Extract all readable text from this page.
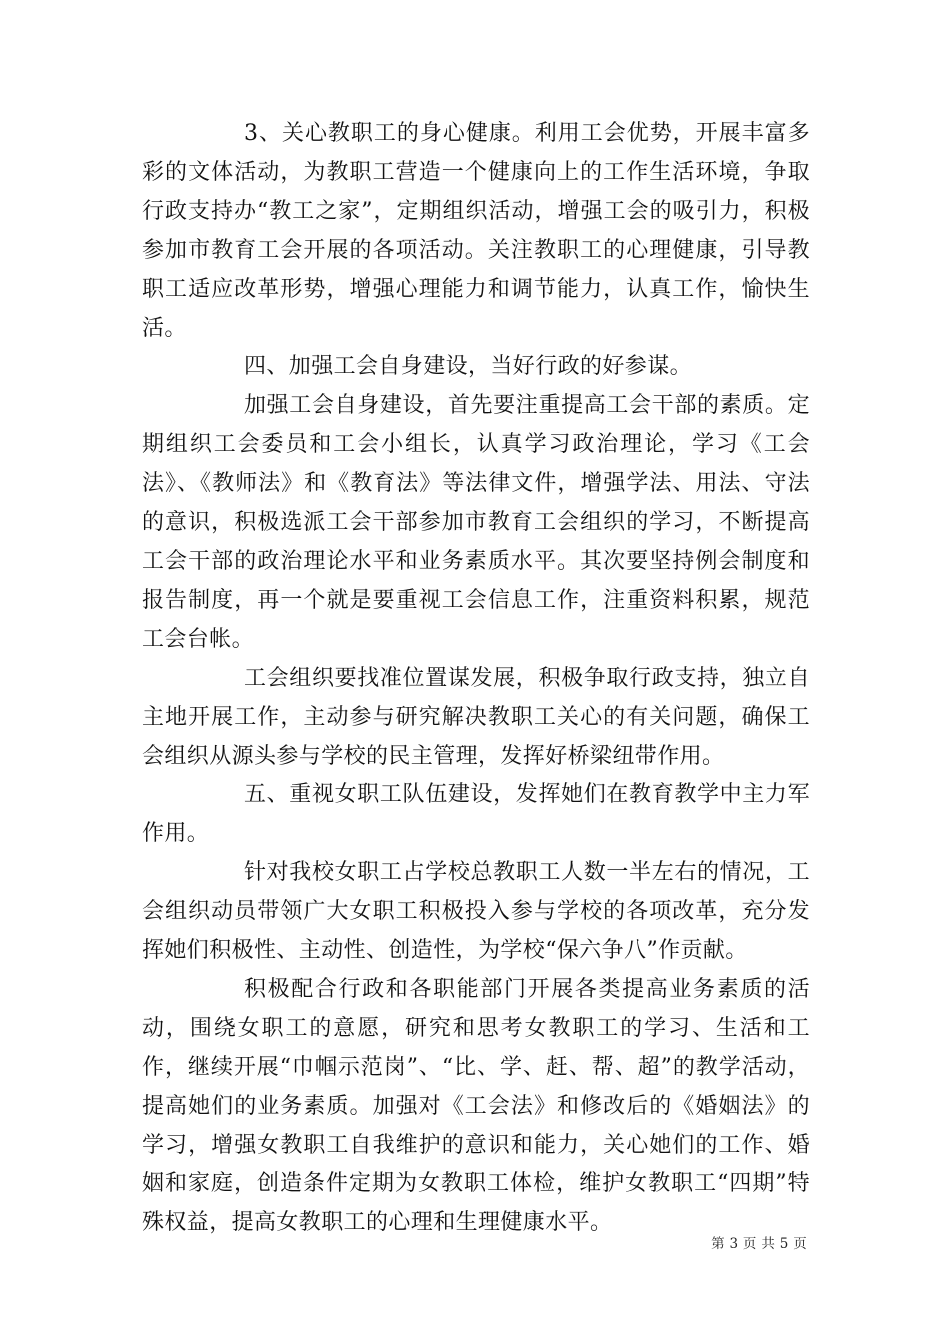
3、关心教职工的身心健康。利用工会优势，开展丰富多彩的文体活动，为教职工营造一个健康向上的工作生活环境，争取行政支持办“教工之家”，定期组织活动，增强工会的吸引力，积极参加市教育工会开展的各项活动。关注教职工的心理健康，引导教职工适应改革形势，增强心理能力和调节能力，认真工作，愉快生活。

四、加强工会自身建设，当好行政的好参谋。

加强工会自身建设，首先要注重提高工会干部的素质。定期组织工会委员和工会小组长，认真学习政治理论，学习《工会法》、《教师法》和《教育法》等法律文件，增强学法、用法、守法的意识，积极选派工会干部参加市教育工会组织的学习，不断提高工会干部的政治理论水平和业务素质水平。其次要坚持例会制度和报告制度，再一个就是要重视工会信息工作，注重资料积累，规范工会台帐。

工会组织要找准位置谋发展，积极争取行政支持，独立自主地开展工作，主动参与研究解决教职工关心的有关问题，确保工会组织从源头参与学校的民主管理，发挥好桥梁纽带作用。

五、重视女职工队伍建设，发挥她们在教育教学中主力军作用。

针对我校女职工占学校总教职工人数一半左右的情况，工会组织动员带领广大女职工积极投入参与学校的各项改革，充分发挥她们积极性、主动性、创造性，为学校“保六争八”作贡献。

积极配合行政和各职能部门开展各类提高业务素质的活动，围绕女职工的意愿，研究和思考女教职工的学习、生活和工作，继续开展“巾帼示范岗”、“比、学、赶、帮、超”的教学活动，提高她们的业务素质。加强对《工会法》和修改后的《婚姻法》的学习，增强女教职工自我维护的意识和能力，关心她们的工作、婚姻和家庭，创造条件定期为女教职工体检，维护女教职工“四期”特殊权益，提高女教职工的心理和生理健康水平。

第 3 页 共 5 页
